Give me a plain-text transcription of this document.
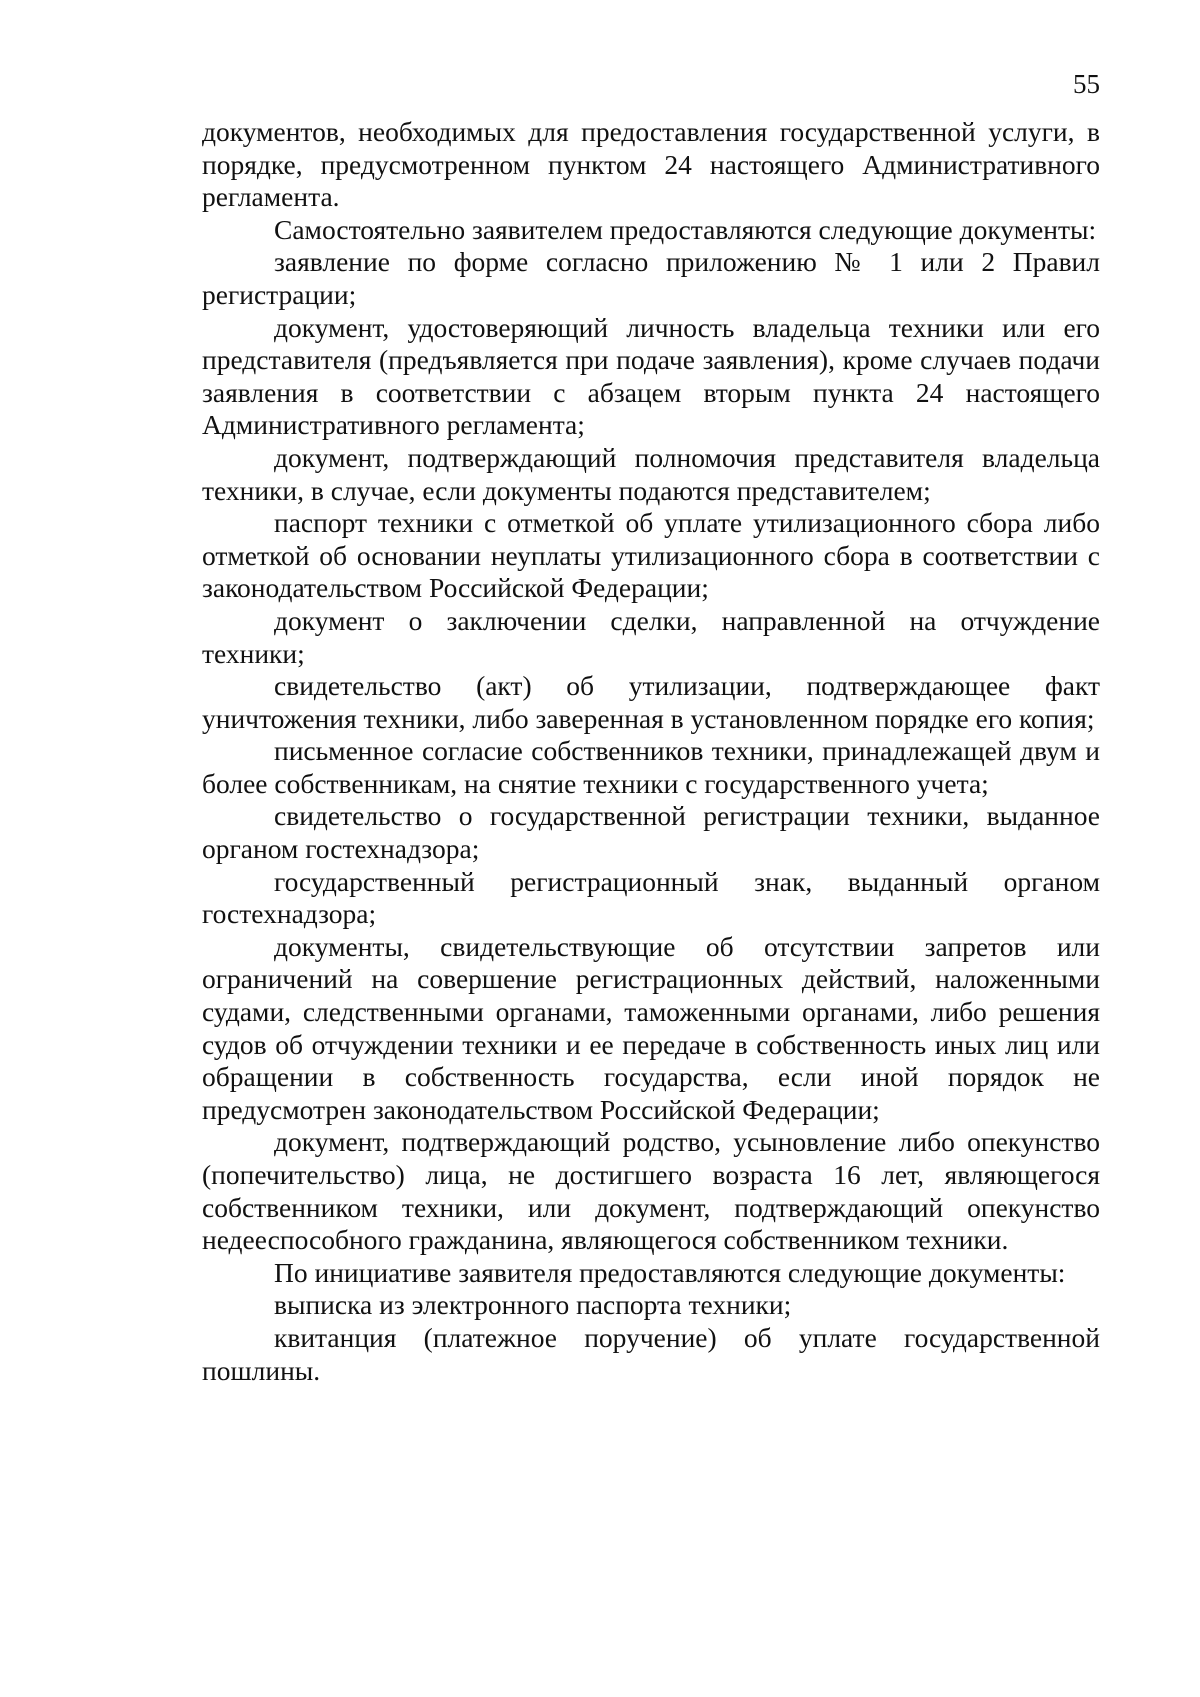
55

документов, необходимых для предоставления государственной услуги, в порядке, предусмотренном пунктом 24 настоящего Административного регламента.

Самостоятельно заявителем предоставляются следующие документы:

заявление по форме согласно приложению № 1 или 2 Правил регистрации;

документ, удостоверяющий личность владельца техники или его представителя (предъявляется при подаче заявления), кроме случаев подачи заявления в соответствии с абзацем вторым пункта 24 настоящего Административного регламента;

документ, подтверждающий полномочия представителя владельца техники, в случае, если документы подаются представителем;

паспорт техники с отметкой об уплате утилизационного сбора либо отметкой об основании неуплаты утилизационного сбора в соответствии с законодательством Российской Федерации;

документ о заключении сделки, направленной на отчуждение техники;

свидетельство (акт) об утилизации, подтверждающее факт уничтожения техники, либо заверенная в установленном порядке его копия;

письменное согласие собственников техники, принадлежащей двум и более собственникам, на снятие техники с государственного учета;

свидетельство о государственной регистрации техники, выданное органом гостехнадзора;

государственный регистрационный знак, выданный органом гостехнадзора;

документы, свидетельствующие об отсутствии запретов или ограничений на совершение регистрационных действий, наложенными судами, следственными органами, таможенными органами, либо решения судов об отчуждении техники и ее передаче в собственность иных лиц или обращении в собственность государства, если иной порядок не предусмотрен законодательством Российской Федерации;

документ, подтверждающий родство, усыновление либо опекунство (попечительство) лица, не достигшего возраста 16 лет, являющегося собственником техники, или документ, подтверждающий опекунство недееспособного гражданина, являющегося собственником техники.

По инициативе заявителя предоставляются следующие документы:

выписка из электронного паспорта техники;

квитанция (платежное поручение) об уплате государственной пошлины.
